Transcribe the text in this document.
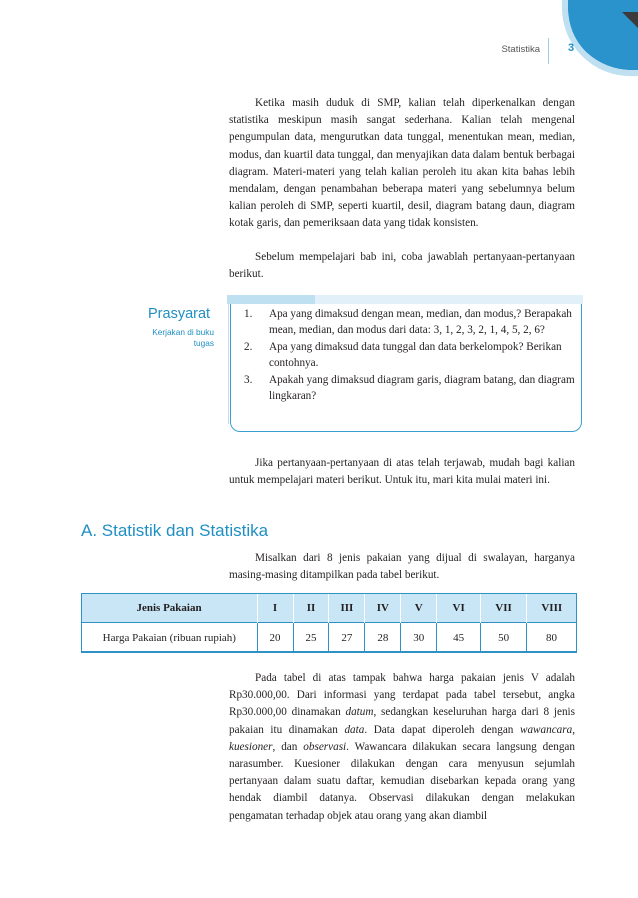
Statistika	3

Ketika masih duduk di SMP, kalian telah diperkenalkan dengan statistika meskipun masih sangat sederhana. Kalian telah mengenal pengumpulan data, mengurutkan data tunggal, menentukan mean, median, modus, dan kuartil data tunggal, dan menyajikan data dalam bentuk berbagai diagram. Materi-materi yang telah kalian peroleh itu akan kita bahas lebih mendalam, dengan penambahan beberapa materi yang sebelumnya belum kalian peroleh di SMP, seperti kuartil, desil, diagram batang daun, diagram kotak garis, dan pemeriksaan data yang tidak konsisten.

Sebelum mempelajari bab ini, coba jawablah pertanyaan-pertanyaan berikut.

Prasyarat
Kerjakan di buku
tugas
1. Apa yang dimaksud dengan mean, median, dan modus,? Berapakah mean, median, dan modus dari data: 3, 1, 2, 3, 2, 1, 4, 5, 2, 6?
2. Apa yang dimaksud data tunggal dan data berkelompok? Berikan contohnya.
3. Apakah yang dimaksud diagram garis, diagram batang, dan diagram lingkaran?

Jika pertanyaan-pertanyaan di atas telah terjawab, mudah bagi kalian untuk mempelajari materi berikut. Untuk itu, mari kita mulai materi ini.

A. Statistik dan Statistika

Misalkan dari 8 jenis pakaian yang dijual di swalayan, harganya masing-masing ditampilkan pada tabel berikut.

Jenis Pakaian	I	II	III	IV	V	VI	VII	VIII
Harga Pakaian (ribuan rupiah)	20	25	27	28	30	45	50	80

Pada tabel di atas tampak bahwa harga pakaian jenis V adalah Rp30.000,00. Dari informasi yang terdapat pada tabel tersebut, angka Rp30.000,00 dinamakan datum, sedangkan keseluruhan harga dari 8 jenis pakaian itu dinamakan data. Data dapat diperoleh dengan wawancara, kuesioner, dan observasi. Wawancara dilakukan secara langsung dengan narasumber. Kuesioner dilakukan dengan cara menyusun sejumlah pertanyaan dalam suatu daftar, kemudian disebarkan kepada orang yang hendak diambil datanya. Observasi dilakukan dengan melakukan pengamatan terhadap objek atau orang yang akan diambil
